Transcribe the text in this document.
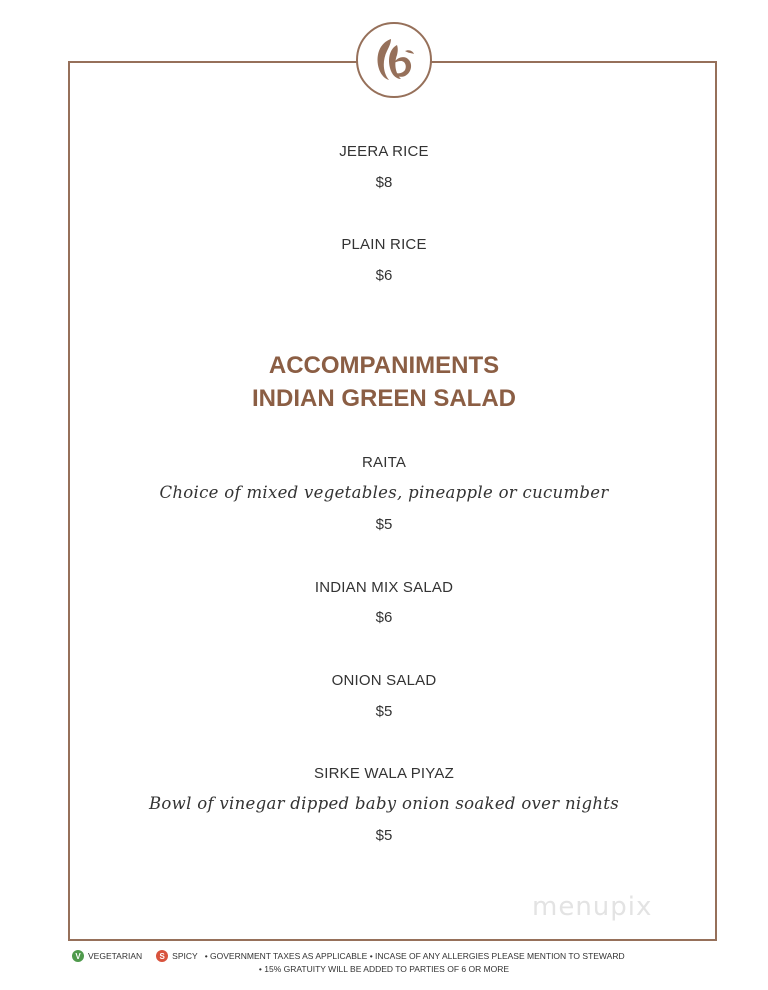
JEERA RICE
$8
PLAIN RICE
$6
ACCOMPANIMENTS
INDIAN GREEN SALAD
RAITA
Choice of mixed vegetables, pineapple or cucumber
$5
INDIAN MIX SALAD
$6
ONION SALAD
$5
SIRKE WALA PIYAZ
Bowl of vinegar dipped baby onion soaked over nights
$5
menupix
V VEGETARIAN	S SPICY • GOVERNMENT TAXES AS APPLICABLE • INCASE OF ANY ALLERGIES PLEASE MENTION TO STEWARD
• 15% GRATUITY WILL BE ADDED TO PARTIES OF 6 OR MORE
